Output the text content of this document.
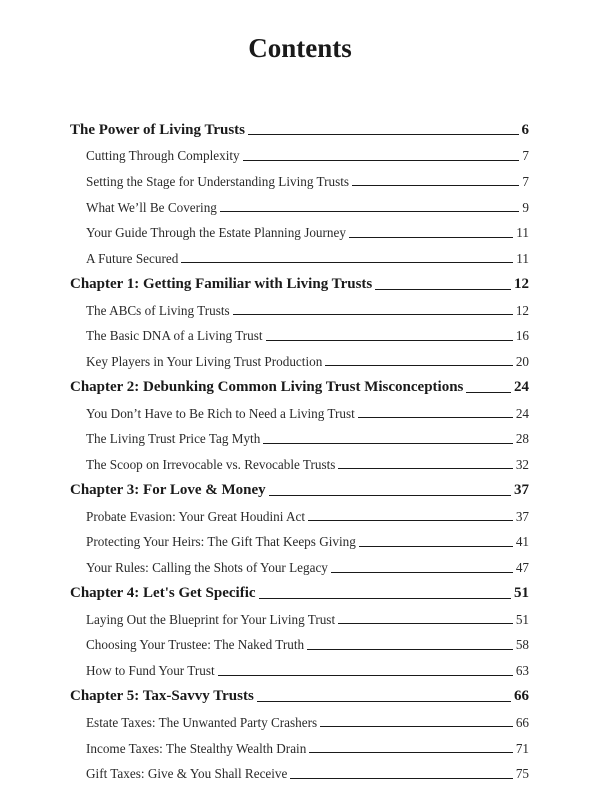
Contents
The Power of Living Trusts	6
Cutting Through Complexity	7
Setting the Stage for Understanding Living Trusts	7
What We’ll Be Covering	9
Your Guide Through the Estate Planning Journey	11
A Future Secured	11
Chapter 1: Getting Familiar with Living Trusts	12
The ABCs of Living Trusts	12
The Basic DNA of a Living Trust	16
Key Players in Your Living Trust Production	20
Chapter 2: Debunking Common Living Trust Misconceptions	24
You Don’t Have to Be Rich to Need a Living Trust	24
The Living Trust Price Tag Myth	28
The Scoop on Irrevocable vs. Revocable Trusts	32
Chapter 3: For Love & Money	37
Probate Evasion: Your Great Houdini Act	37
Protecting Your Heirs: The Gift That Keeps Giving	41
Your Rules: Calling the Shots of Your Legacy	47
Chapter 4: Let's Get Specific	51
Laying Out the Blueprint for Your Living Trust	51
Choosing Your Trustee: The Naked Truth	58
How to Fund Your Trust	63
Chapter 5: Tax-Savvy Trusts	66
Estate Taxes: The Unwanted Party Crashers	66
Income Taxes: The Stealthy Wealth Drain	71
Gift Taxes: Give & You Shall Receive	75
